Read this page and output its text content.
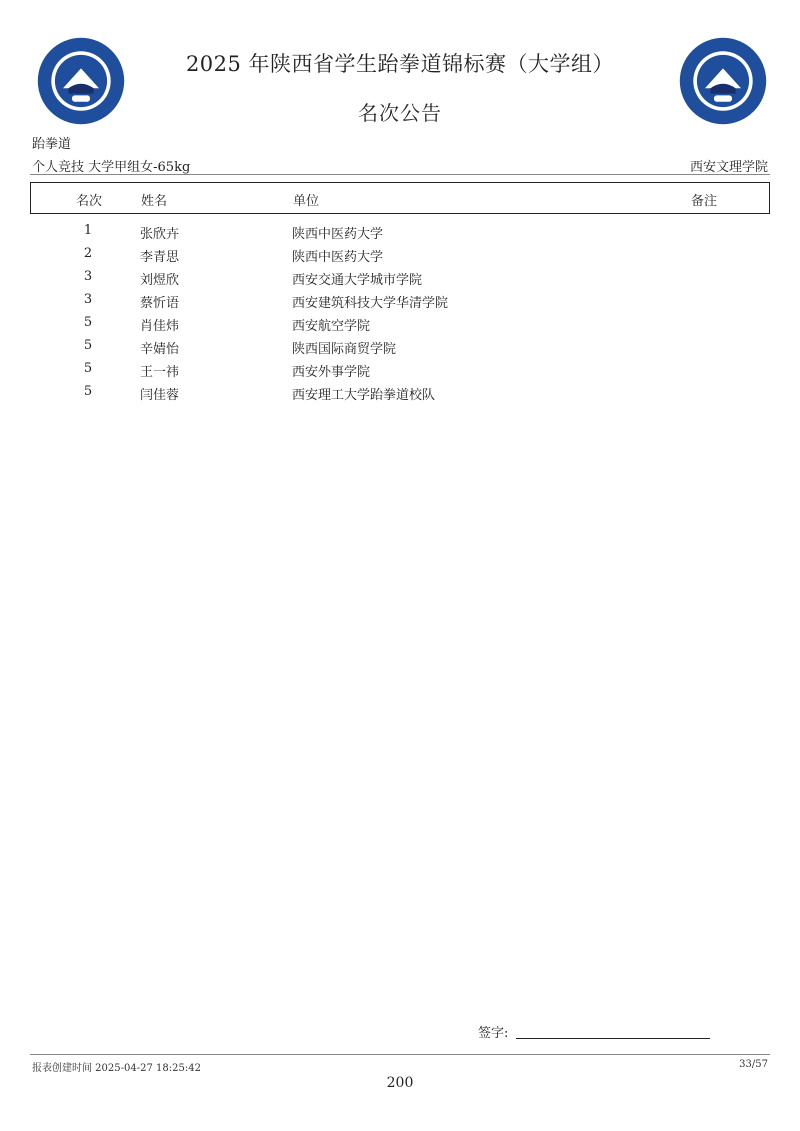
2025 年陕西省学生跆拳道锦标赛（大学组）
名次公告
跆拳道
个人竞技 大学甲组女-65kg	西安文理学院
名次	姓名	单位	备注
1	张欣卉	陕西中医药大学
2	李青思	陕西中医药大学
3	刘煜欣	西安交通大学城市学院
3	蔡忻语	西安建筑科技大学华清学院
5	肖佳炜	西安航空学院
5	辛婧怡	陕西国际商贸学院
5	王一祎	西安外事学院
5	闫佳蓉	西安理工大学跆拳道校队
签字:
报表创建时间 2025-04-27 18:25:42	33/57
200
